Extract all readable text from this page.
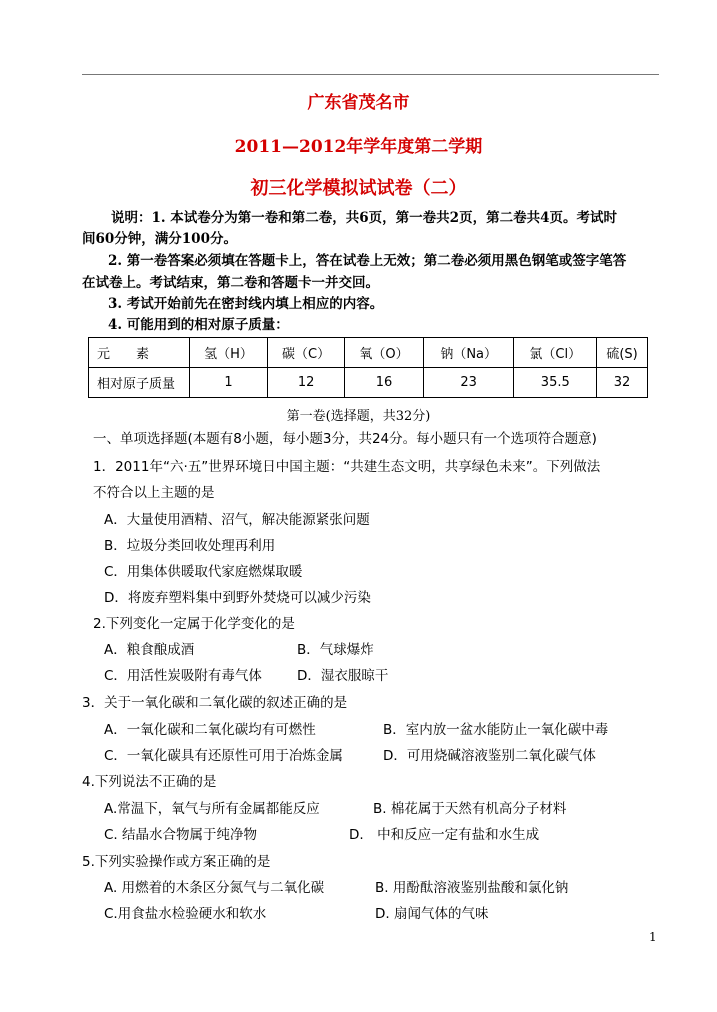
广东省茂名市
2011—2012年学年度第二学期
初三化学模拟试试卷（二）
说明：1. 本试卷分为第一卷和第二卷，共6页，第一卷共2页，第二卷共4页。考试时
间60分钟，满分100分。
2. 第一卷答案必须填在答题卡上，答在试卷上无效；第二卷必须用黑色钢笔或签字笔答
在试卷上。考试结束，第二卷和答题卡一并交回。
3. 考试开始前先在密封线内填上相应的内容。
4. 可能用到的相对原子质量：
元　　素	氢（H）	碳（C）	氧（O）	钠（Na）	氯（Cl）	硫(S)
相对原子质量	1	12	16	23	35.5	32
第一卷(选择题，共32分)
一、单项选择题(本题有8小题，每小题3分，共24分。每小题只有一个选项符合题意)
1．2011年“六·五”世界环境日中国主题：“共建生态文明，共享绿色未来”。下列做法
不符合以上主题的是
A．大量使用酒精、沼气，解决能源紧张问题
B．垃圾分类回收处理再利用
C．用集体供暖取代家庭燃煤取暖
D．将废弃塑料集中到野外焚烧可以减少污染
2.下列变化一定属于化学变化的是
A．粮食酿成酒	B．气球爆炸
C．用活性炭吸附有毒气体	D．湿衣服晾干
3．关于一氧化碳和二氧化碳的叙述正确的是
A．一氧化碳和二氧化碳均有可燃性	B．室内放一盆水能防止一氧化碳中毒
C．一氧化碳具有还原性可用于冶炼金属	D．可用烧碱溶液鉴别二氧化碳气体
4.下列说法不正确的是
A.常温下，氧气与所有金属都能反应	B. 棉花属于天然有机高分子材料
C. 结晶水合物属于纯净物	D.　中和反应一定有盐和水生成
5.下列实验操作或方案正确的是
A. 用燃着的木条区分氮气与二氧化碳	B. 用酚酞溶液鉴别盐酸和氯化钠
C.用食盐水检验硬水和软水	D. 扇闻气体的气味
1
